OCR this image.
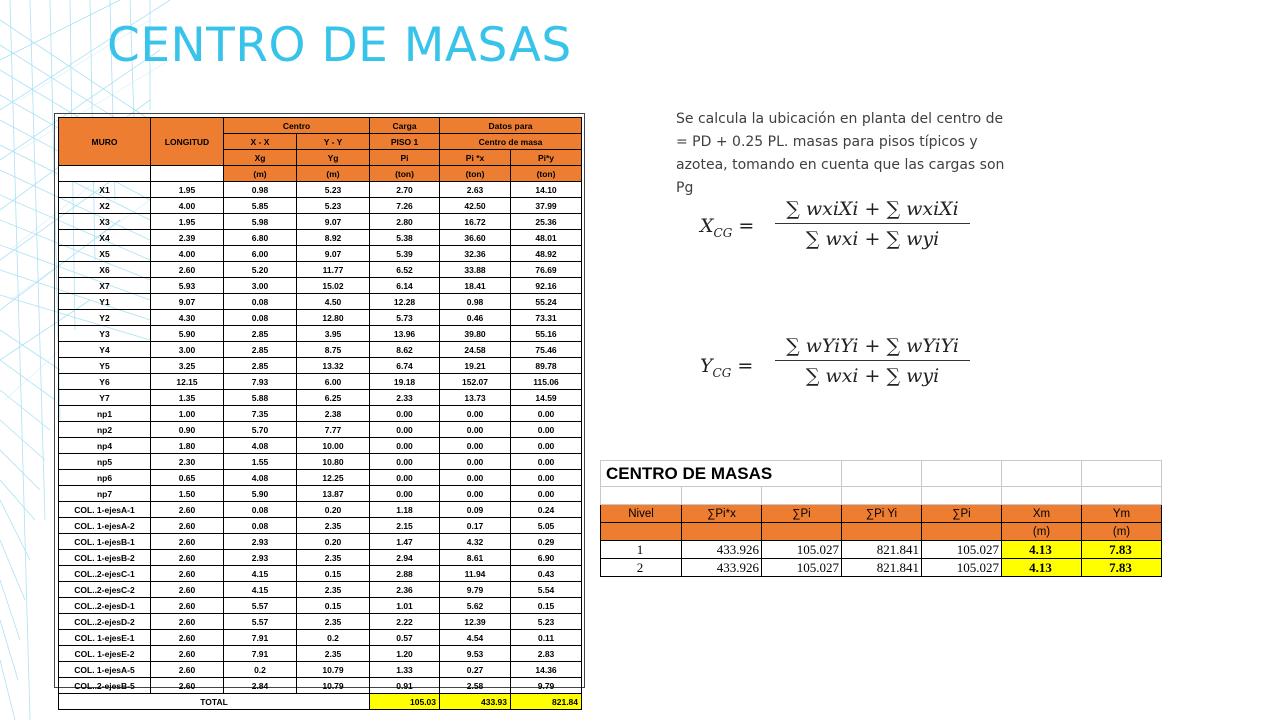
CENTRO DE MASAS

Se calcula la ubicación en planta del centro de = PD + 0.25 PL. masas para pisos típicos y azotea, tomando en cuenta que las cargas son Pg

$X_{CG}$ =
∑ wxiXi + ∑ wxiXi
∑ wxi + ∑ wyi
$Y_{CG}$ =
∑ wYiYi + ∑ wYiYi
∑ wxi + ∑ wyi
MURO	LONGITUD	Centro		Carga	Datos para	
		X - X	Y - Y	PISO 1	Centro de masa	
		Xg	Yg	Pi	Pi *x	Pi*y
		(m)	(m)	(ton)	(ton)	(ton)
X1	1.95	0.98	5.23	2.70	2.63	14.10
X2	4.00	5.85	5.23	7.26	42.50	37.99
X3	1.95	5.98	9.07	2.80	16.72	25.36
X4	2.39	6.80	8.92	5.38	36.60	48.01
X5	4.00	6.00	9.07	5.39	32.36	48.92
X6	2.60	5.20	11.77	6.52	33.88	76.69
X7	5.93	3.00	15.02	6.14	18.41	92.16
Y1	9.07	0.08	4.50	12.28	0.98	55.24
Y2	4.30	0.08	12.80	5.73	0.46	73.31
Y3	5.90	2.85	3.95	13.96	39.80	55.16
Y4	3.00	2.85	8.75	8.62	24.58	75.46
Y5	3.25	2.85	13.32	6.74	19.21	89.78
Y6	12.15	7.93	6.00	19.18	152.07	115.06
Y7	1.35	5.88	6.25	2.33	13.73	14.59
np1	1.00	7.35	2.38	0.00	0.00	0.00
np2	0.90	5.70	7.77	0.00	0.00	0.00
np4	1.80	4.08	10.00	0.00	0.00	0.00
np5	2.30	1.55	10.80	0.00	0.00	0.00
np6	0.65	4.08	12.25	0.00	0.00	0.00
np7	1.50	5.90	13.87	0.00	0.00	0.00
COL. 1-ejesA-1	2.60	0.08	0.20	1.18	0.09	0.24
COL. 1-ejesA-2	2.60	0.08	2.35	2.15	0.17	5.05
COL. 1-ejesB-1	2.60	2.93	0.20	1.47	4.32	0.29
COL. 1-ejesB-2	2.60	2.93	2.35	2.94	8.61	6.90
COL..2-ejesC-1	2.60	4.15	0.15	2.88	11.94	0.43
COL..2-ejesC-2	2.60	4.15	2.35	2.36	9.79	5.54
COL..2-ejesD-1	2.60	5.57	0.15	1.01	5.62	0.15
COL..2-ejesD-2	2.60	5.57	2.35	2.22	12.39	5.23
COL. 1-ejesE-1	2.60	7.91	0.2	0.57	4.54	0.11
COL. 1-ejesE-2	2.60	7.91	2.35	1.20	9.53	2.83
COL. 1-ejesA-5	2.60	0.2	10.79	1.33	0.27	14.36
COL..2-ejesB-5	2.60	2.84	10.79	0.91	2.58	9.79
TOTAL				105.03	433.93	821.84
CENTRO DE MASAS						

Nivel	∑Pi*x	∑Pi	∑Pi Yi	∑Pi	Xm	Ym
					(m)	(m)
1	433.926	105.027	821.841	105.027	4.13	7.83
2	433.926	105.027	821.841	105.027	4.13	7.83
